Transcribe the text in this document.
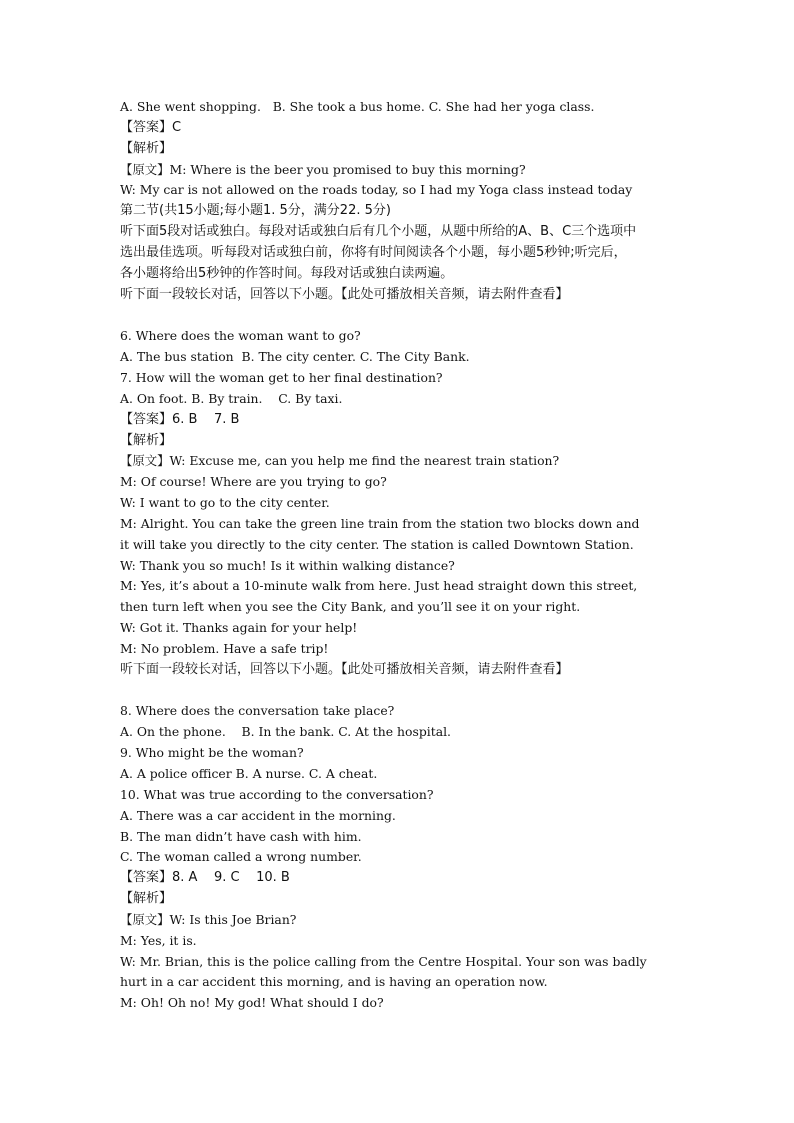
A. She went shopping.   B. She took a bus home. C. She had her yoga class.
【答案】C
【解析】
【原文】M: Where is the beer you promised to buy this morning?
W: My car is not allowed on the roads today, so I had my Yoga class instead today
第二节(共15小题;每小题1. 5分，满分22. 5分)
听下面5段对话或独白。每段对话或独白后有几个小题，从题中所给的A、B、C三个选项中
选出最佳选项。听每段对话或独白前，你将有时间阅读各个小题，每小题5秒钟;听完后，
各小题将给出5秒钟的作答时间。每段对话或独白读两遍。
听下面一段较长对话，回答以下小题。【此处可播放相关音频，请去附件查看】
6. Where does the woman want to go?
A. The bus station  B. The city center. C. The City Bank.
7. How will the woman get to her final destination?
A. On foot. B. By train.    C. By taxi.
【答案】6. B    7. B
【解析】
【原文】W: Excuse me, can you help me find the nearest train station?
M: Of course! Where are you trying to go?
W: I want to go to the city center.
M: Alright. You can take the green line train from the station two blocks down and
it will take you directly to the city center. The station is called Downtown Station.
W: Thank you so much! Is it within walking distance?
M: Yes, it’s about a 10-minute walk from here. Just head straight down this street,
then turn left when you see the City Bank, and you’ll see it on your right.
W: Got it. Thanks again for your help!
M: No problem. Have a safe trip!
听下面一段较长对话，回答以下小题。【此处可播放相关音频，请去附件查看】
8. Where does the conversation take place?
A. On the phone.    B. In the bank. C. At the hospital.
9. Who might be the woman?
A. A police officer B. A nurse. C. A cheat.
10. What was true according to the conversation?
A. There was a car accident in the morning.
B. The man didn’t have cash with him.
C. The woman called a wrong number.
【答案】8. A    9. C    10. B
【解析】
【原文】W: Is this Joe Brian?
M: Yes, it is.
W: Mr. Brian, this is the police calling from the Centre Hospital. Your son was badly
hurt in a car accident this morning, and is having an operation now.
M: Oh! Oh no! My god! What should I do?
